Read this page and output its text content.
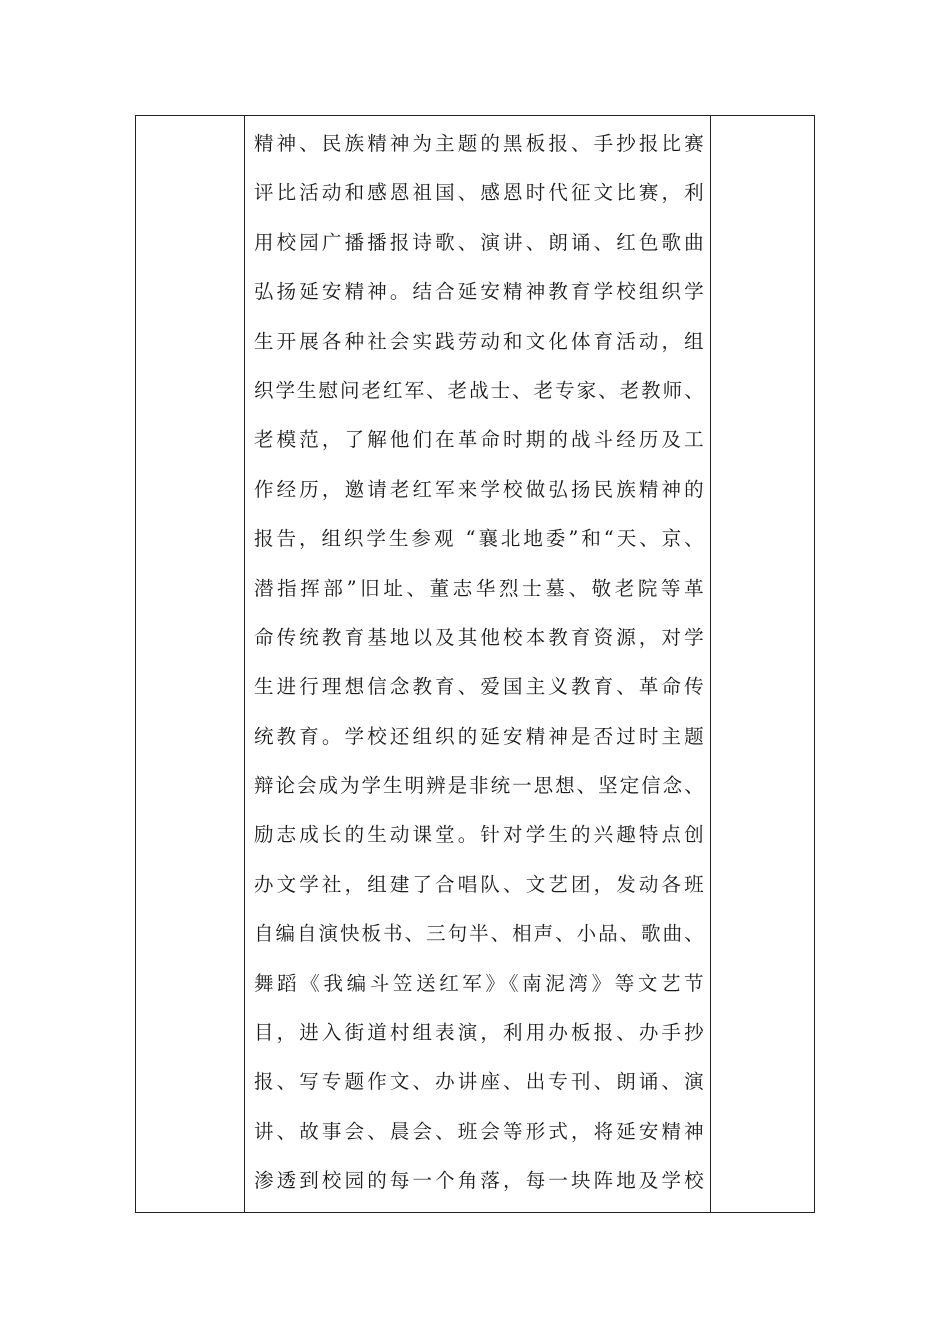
精神、民族精神为主题的黑板报、手抄报比赛
评比活动和感恩祖国、感恩时代征文比赛，利
用校园广播播报诗歌、演讲、朗诵、红色歌曲
弘扬延安精神。结合延安精神教育学校组织学
生开展各种社会实践劳动和文化体育活动，组
织学生慰问老红军、老战士、老专家、老教师、
老模范，了解他们在革命时期的战斗经历及工
作经历，邀请老红军来学校做弘扬民族精神的
报告，组织学生参观 “襄北地委”和“天、京、
潜指挥部”旧址、董志华烈士墓、敬老院等革
命传统教育基地以及其他校本教育资源，对学
生进行理想信念教育、爱国主义教育、革命传
统教育。学校还组织的延安精神是否过时主题
辩论会成为学生明辨是非统一思想、坚定信念、
励志成长的生动课堂。针对学生的兴趣特点创
办文学社，组建了合唱队、文艺团，发动各班
自编自演快板书、三句半、相声、小品、歌曲、
舞蹈《我编斗笠送红军》《南泥湾》等文艺节
目，进入街道村组表演，利用办板报、办手抄
报、写专题作文、办讲座、出专刊、朗诵、演
讲、故事会、晨会、班会等形式，将延安精神
渗透到校园的每一个角落，每一块阵地及学校
